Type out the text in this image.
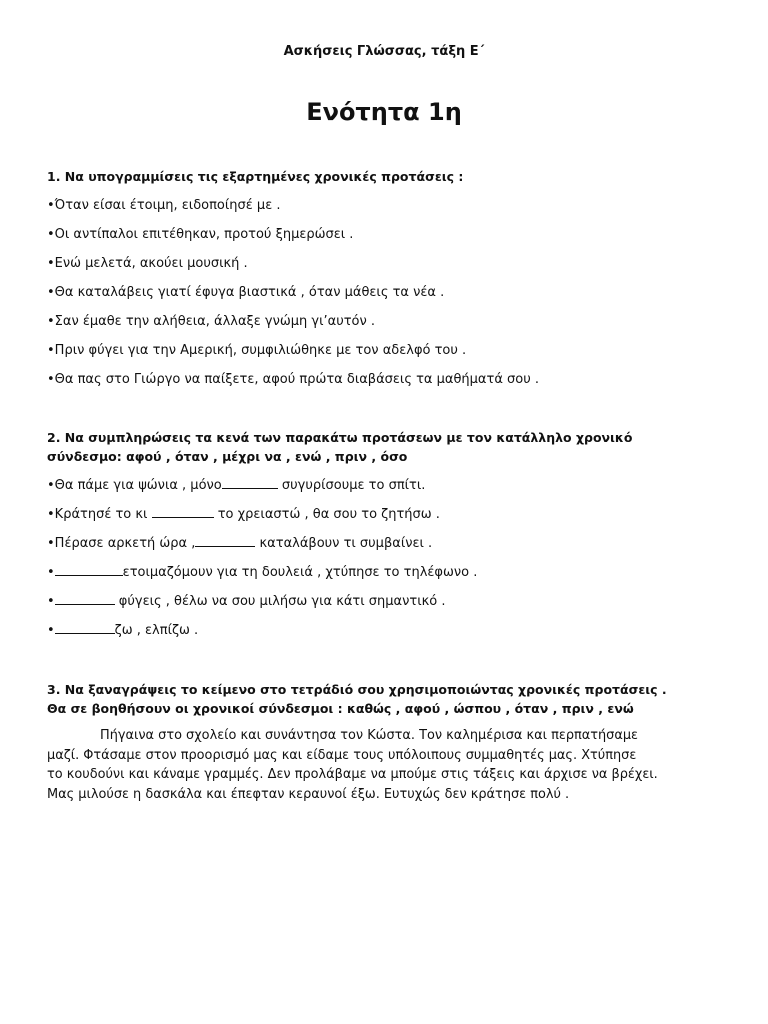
Ασκήσεις Γλώσσας, τάξη Ε΄
Ενότητα 1η
1. Να υπογραμμίσεις τις εξαρτημένες χρονικές προτάσεις :
•Όταν είσαι έτοιμη, ειδοποίησέ με .
•Οι αντίπαλοι επιτέθηκαν, προτού ξημερώσει .
•Ενώ μελετά, ακούει μουσική .
•Θα καταλάβεις γιατί έφυγα βιαστικά , όταν μάθεις τα νέα .
•Σαν έμαθε την αλήθεια, άλλαξε γνώμη γι’αυτόν .
•Πριν φύγει για την Αμερική, συμφιλιώθηκε με τον αδελφό του .
•Θα πας στο Γιώργο να παίξετε, αφού πρώτα διαβάσεις τα μαθήματά σου .
2. Να συμπληρώσεις τα κενά των παρακάτω προτάσεων με τον κατάλληλο χρονικό
σύνδεσμο: αφού , όταν , μέχρι να , ενώ , πριν , όσο
•Θα πάμε για ψώνια , μόνο	συγυρίσουμε το σπίτι.
•Κράτησέ το κι	το χρειαστώ , θα σου το ζητήσω .
•Πέρασε αρκετή ώρα ,	καταλάβουν τι συμβαίνει .
•	ετοιμαζόμουν για τη δουλειά , χτύπησε το τηλέφωνο .
•	φύγεις , θέλω να σου μιλήσω για κάτι σημαντικό .
•	ζω , ελπίζω .
3. Να ξαναγράψεις το κείμενο στο τετράδιό σου χρησιμοποιώντας χρονικές προτάσεις .
Θα σε βοηθήσουν οι χρονικοί σύνδεσμοι : καθώς , αφού , ώσπου , όταν , πριν , ενώ
Πήγαινα στο σχολείο και συνάντησα τον Κώστα. Τον καλημέρισα και περπατήσαμε
μαζί. Φτάσαμε στον προορισμό μας και είδαμε τους υπόλοιπους συμμαθητές μας. Χτύπησε
το κουδούνι και κάναμε γραμμές. Δεν προλάβαμε να μπούμε στις τάξεις και άρχισε να βρέχει.
Μας μιλούσε η δασκάλα και έπεφταν κεραυνοί έξω. Ευτυχώς δεν κράτησε πολύ .
